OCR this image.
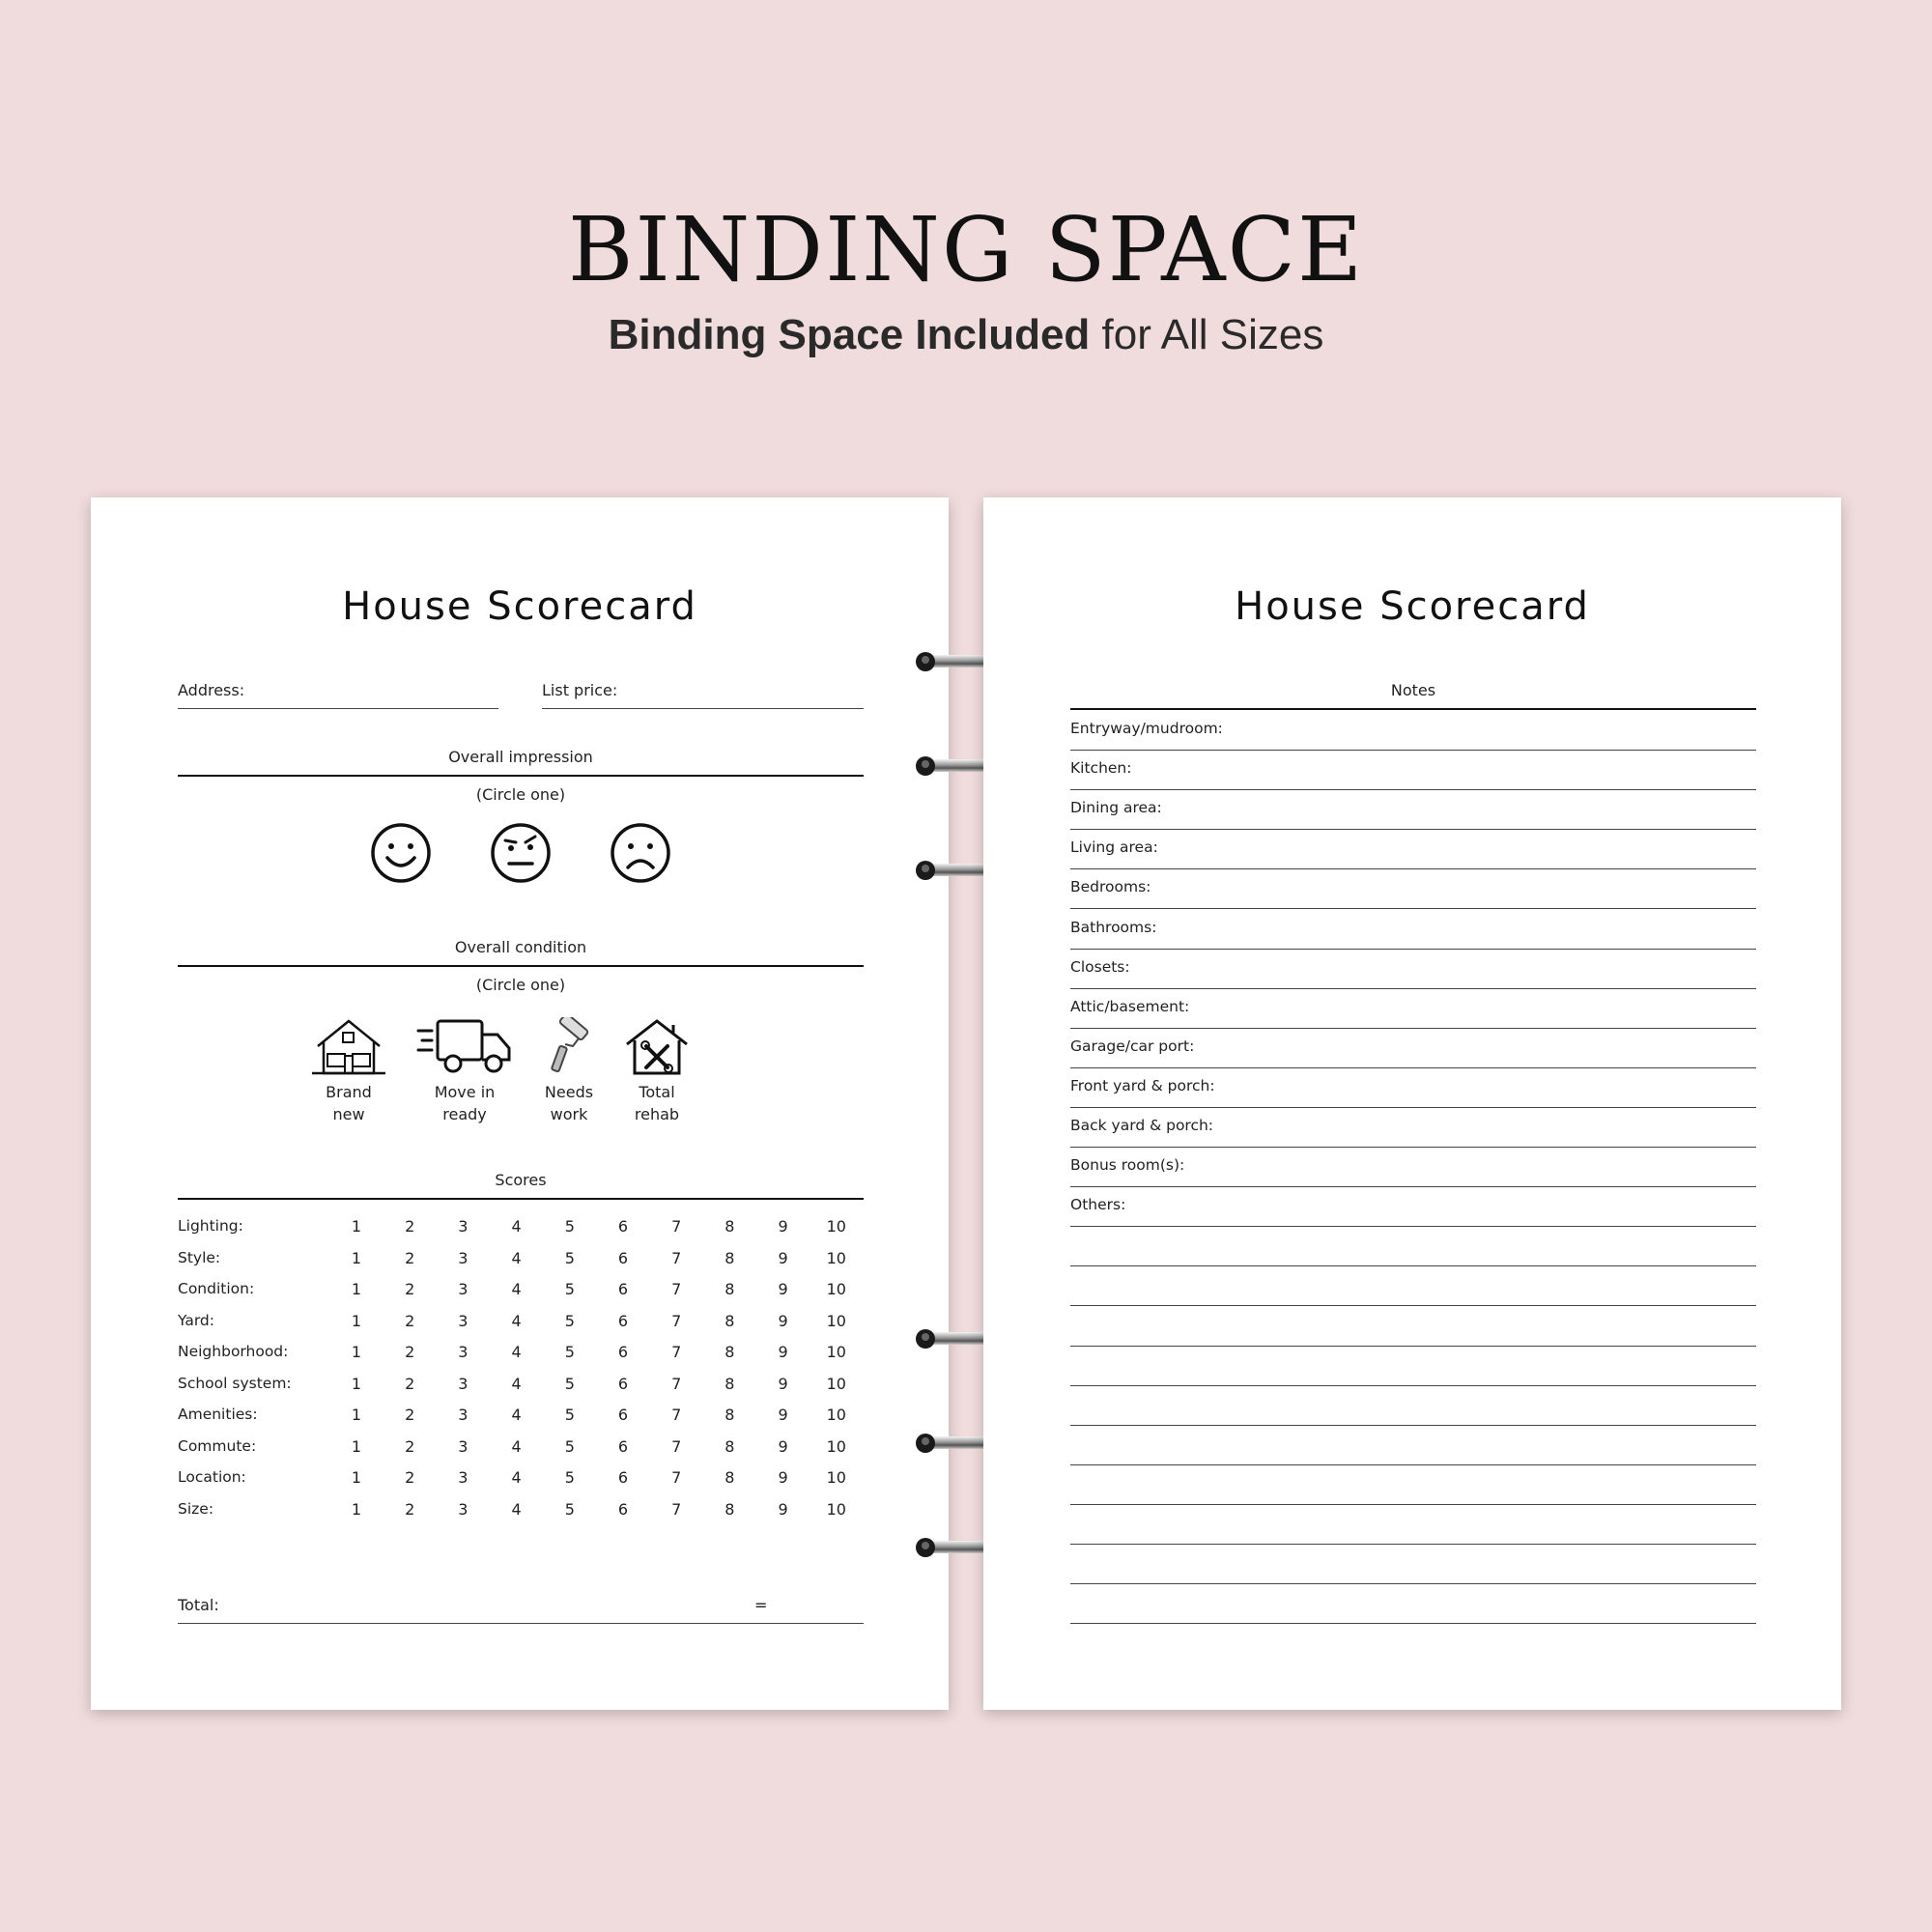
BINDING SPACE

Binding Space Included for All Sizes

House Scorecard
Address:	List price:
Overall impression
(Circle one)
Overall condition
(Circle one)
Brand
new
Move in
ready
Needs
work
Total
rehab
Scores
Total:	=
Lighting:	1	2	3	4	5	6	7	8	9	10
Style:	1	2	3	4	5	6	7	8	9	10
Condition:	1	2	3	4	5	6	7	8	9	10
Yard:	1	2	3	4	5	6	7	8	9	10
Neighborhood:	1	2	3	4	5	6	7	8	9	10
School system:	1	2	3	4	5	6	7	8	9	10
Amenities:	1	2	3	4	5	6	7	8	9	10
Commute:	1	2	3	4	5	6	7	8	9	10
Location:	1	2	3	4	5	6	7	8	9	10
Size:	1	2	3	4	5	6	7	8	9	10
House Scorecard
Notes
Entryway/mudroom:
Kitchen:
Dining area:
Living area:
Bedrooms:
Bathrooms:
Closets:
Attic/basement:
Garage/car port:
Front yard & porch:
Back yard & porch:
Bonus room(s):
Others:
